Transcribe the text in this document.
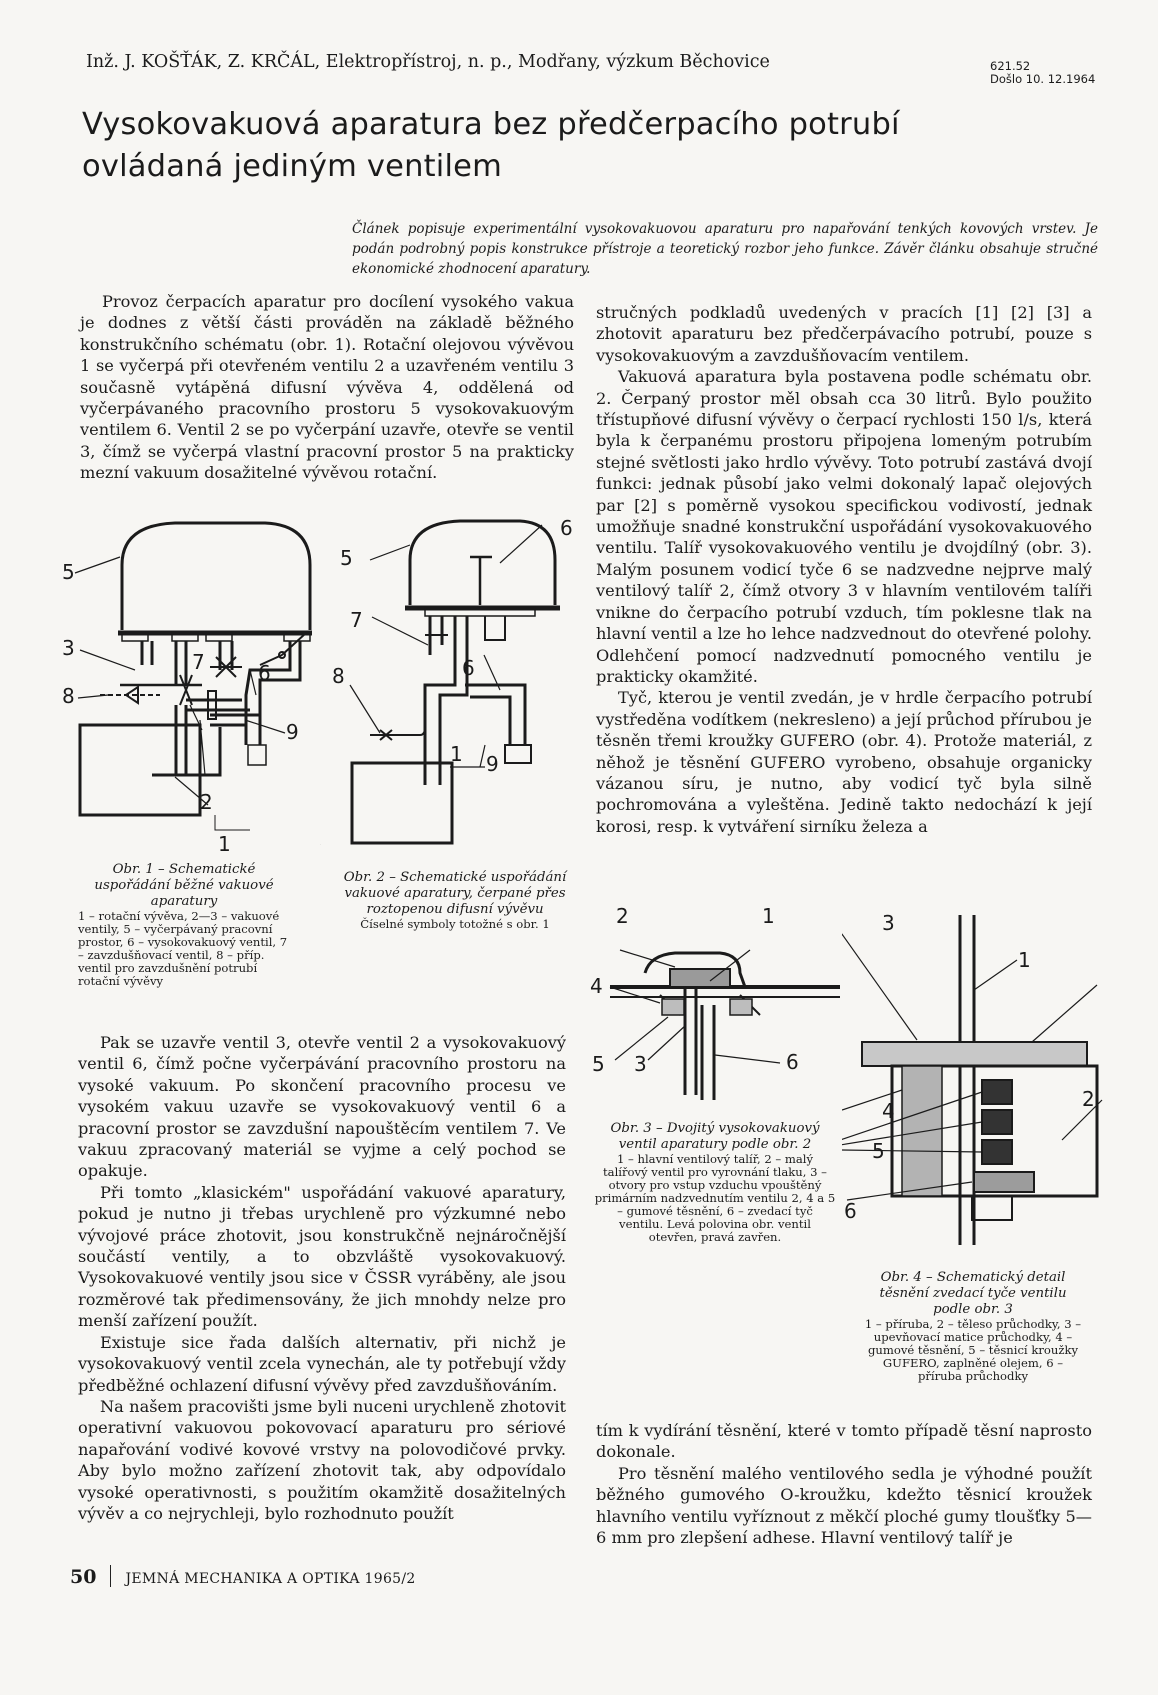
Inž. J. KOŠŤÁK, Z. KRČÁL, Elektropřístroj, n. p., Modřany, výzkum Běchovice	621.52
Došlo 10. 12.1964
Vysokovakuová aparatura bez předčerpacího potrubí ovládaná jediným ventilem
Článek popisuje experimentální vysokovakuovou aparaturu pro napařování tenkých kovových vrstev. Je podán podrobný popis konstrukce přístroje a teoretický rozbor jeho funkce. Závěr článku obsahuje stručné ekonomické zhodnocení aparatury.

Provoz čerpacích aparatur pro docílení vysokého vakua je dodnes z větší části prováděn na základě běžného konstrukčního schématu (obr. 1). Rotační olejovou vývěvou 1 se vyčerpá při otevřeném ventilu 2 a uzavřeném ventilu 3 současně vytápěná difusní vývěva 4, oddělená od vyčerpávaného pracovního prostoru 5 vysokovakuovým ventilem 6. Ventil 2 se po vyčerpání uzavře, otevře se ventil 3, čímž se vyčerpá vlastní pracovní prostor 5 na prakticky mezní vakuum dosažitelné vývěvou rotační.

5
3
8
7	6
9
2
1	4
5
7
6
8
1 9
6
Obr. 1 – Schematické uspořádání běžné vakuové aparatury
1 – rotační vývěva, 2—3 – vakuové ventily, 5 – vyčerpávaný pracovní prostor, 6 – vysokovakuový ventil, 7 – zavzdušňovací ventil, 8 – příp. ventil pro zavzdušnění potrubí rotační vývěvy
Obr. 2 – Schematické uspořádání vakuové aparatury, čerpané přes roztopenou difusní vývěvu
Číselné symboly totožné s obr. 1

Pak se uzavře ventil 3, otevře ventil 2 a vysokovakuový ventil 6, čímž počne vyčerpávání pracovního prostoru na vysoké vakuum. Po skončení pracovního procesu ve vysokém vakuu uzavře se vysokovakuový ventil 6 a pracovní prostor se zavzdušní napouštěcím ventilem 7. Ve vakuu zpracovaný materiál se vyjme a celý pochod se opakuje.

Při tomto „klasickém" uspořádání vakuové aparatury, pokud je nutno ji třebas urychleně pro výzkumné nebo vývojové práce zhotovit, jsou konstrukčně nejnáročnější součástí ventily, a to obzvláště vysokovakuový. Vysokovakuové ventily jsou sice v ČSSR vyráběny, ale jsou rozměrové tak předimensovány, že jich mnohdy nelze pro menší zařízení použít.

Existuje sice řada dalších alternativ, při nichž je vysokovakuový ventil zcela vynechán, ale ty potřebují vždy předběžné ochlazení difusní vývěvy před zavzdušňováním.

Na našem pracovišti jsme byli nuceni urychleně zhotovit operativní vakuovou pokovovací aparaturu pro sériové napařování vodivé kovové vrstvy na polovodičové prvky. Aby bylo možno zařízení zhotovit tak, aby odpovídalo vysoké operativnosti, s použitím okamžitě dosažitelných vývěv a co nejrychleji, bylo rozhodnuto použít

stručných podkladů uvedených v pracích [1] [2] [3] a zhotovit aparaturu bez předčerpávacího potrubí, pouze s vysokovakuovým a zavzdušňovacím ventilem.

Vakuová aparatura byla postavena podle schématu obr. 2. Čerpaný prostor měl obsah cca 30 litrů. Bylo použito třístupňové difusní vývěvy o čerpací rychlosti 150 l/s, která byla k čerpanému prostoru připojena lomeným potrubím stejné světlosti jako hrdlo vývěvy. Toto potrubí zastává dvojí funkci: jednak působí jako velmi dokonalý lapač olejových par [2] s poměrně vysokou specifickou vodivostí, jednak umožňuje snadné konstrukční uspořádání vysokovakuového ventilu. Talíř vysokovakuového ventilu je dvojdílný (obr. 3). Malým posunem vodicí tyče 6 se nadzvedne nejprve malý ventilový talíř 2, čímž otvory 3 v hlavním ventilovém talíři vnikne do čerpacího potrubí vzduch, tím poklesne tlak na hlavní ventil a lze ho lehce nadzvednout do otevřené polohy. Odlehčení pomocí nadzvednutí pomocného ventilu je prakticky okamžité.

Tyč, kterou je ventil zvedán, je v hrdle čerpacího potrubí vystředěna vodítkem (nekresleno) a její průchod přírubou je těsněn třemi kroužky GUFERO (obr. 4). Protože materiál, z něhož je těsnění GUFERO vyrobeno, obsahuje organicky vázanou síru, je nutno, aby vodicí tyč byla silně pochromována a vyleštěna. Jedině takto nedochází k její korosi, resp. k vytváření sirníku železa a

2	1
4
5 3	6
Obr. 3 – Dvojitý vysokovakuový ventil aparatury podle obr. 2
1 – hlavní ventilový talíř, 2 – malý talířový ventil pro vyrovnání tlaku, 3 – otvory pro vstup vzduchu vpouštěný primárním nadzvednutím ventilu 2, 4 a 5 – gumové těsnění, 6 – zvedací tyč ventilu. Levá polovina obr. ventil otevřen, pravá zavřen.
3
1
2
4
5
6
Obr. 4 – Schematický detail těsnění zvedací tyče ventilu podle obr. 3
1 – příruba, 2 – těleso průchodky, 3 – upevňovací matice průchodky, 4 – gumové těsnění, 5 – těsnicí kroužky GUFERO, zaplněné olejem, 6 – příruba průchodky

tím k vydírání těsnění, které v tomto případě těsní naprosto dokonale.

Pro těsnění malého ventilového sedla je výhodné použít běžného gumového O-kroužku, kdežto těsnicí kroužek hlavního ventilu vyříznout z měkčí ploché gumy tloušťky 5—6 mm pro zlepšení adhese. Hlavní ventilový talíř je

50 JEMNÁ MECHANIKA A OPTIKA 1965/2
